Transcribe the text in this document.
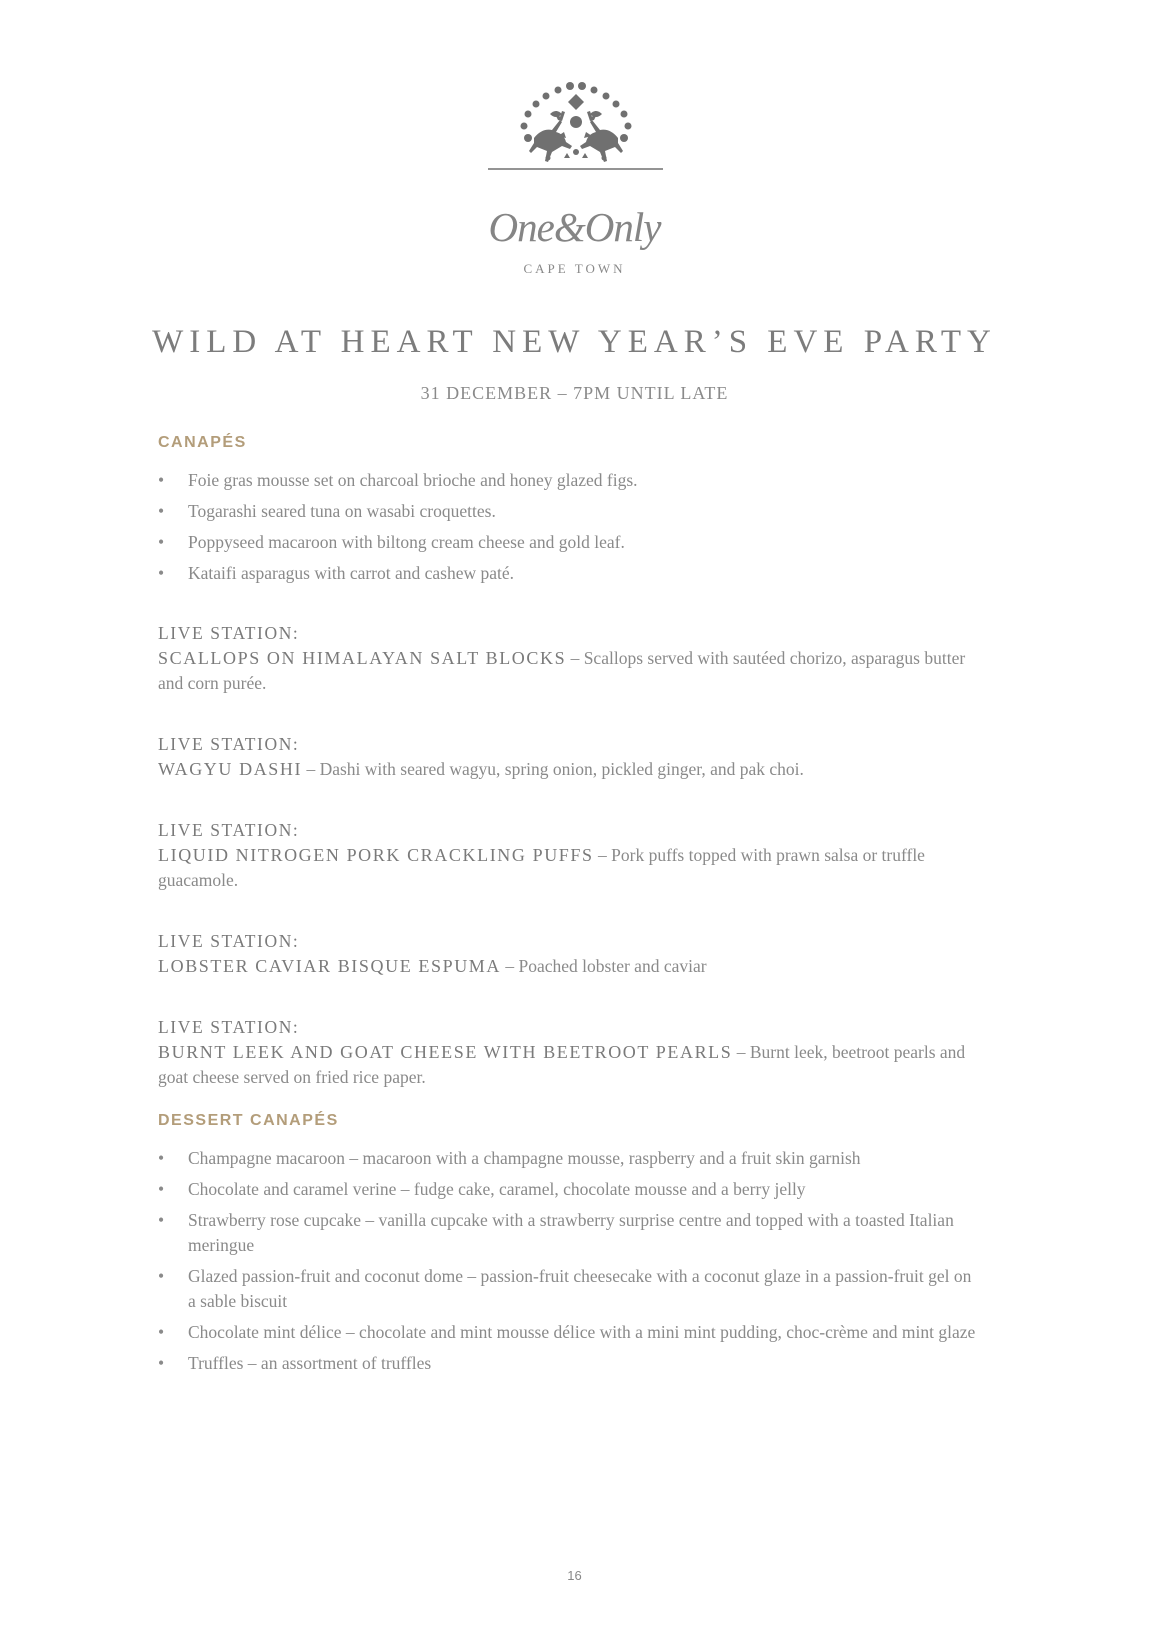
One&Only
CAPE TOWN
WILD AT HEART NEW YEAR’S EVE PARTY
31 DECEMBER – 7PM UNTIL LATE

CANAPÉS

• Foie gras mousse set on charcoal brioche and honey glazed figs.
• Togarashi seared tuna on wasabi croquettes.
• Poppyseed macaroon with biltong cream cheese and gold leaf.
• Kataifi asparagus with carrot and cashew paté.
LIVE STATION:
SCALLOPS ON HIMALAYAN SALT BLOCKS – Scallops served with sautéed chorizo, asparagus butter and corn purée.
LIVE STATION:
WAGYU DASHI – Dashi with seared wagyu, spring onion, pickled ginger, and pak choi.
LIVE STATION:
LIQUID NITROGEN PORK CRACKLING PUFFS – Pork puffs topped with prawn salsa or truffle guacamole.
LIVE STATION:
LOBSTER CAVIAR BISQUE ESPUMA – Poached lobster and caviar
LIVE STATION:
BURNT LEEK AND GOAT CHEESE WITH BEETROOT PEARLS – Burnt leek, beetroot pearls and goat cheese served on fried rice paper.

DESSERT CANAPÉS

• Champagne macaroon – macaroon with a champagne mousse, raspberry and a fruit skin garnish
• Chocolate and caramel verine – fudge cake, caramel, chocolate mousse and a berry jelly
• Strawberry rose cupcake – vanilla cupcake with a strawberry surprise centre and topped with a toasted Italian meringue
• Glazed passion-fruit and coconut dome – passion-fruit cheesecake with a coconut glaze in a passion-fruit gel on a sable biscuit
• Chocolate mint délice – chocolate and mint mousse délice with a mini mint pudding, choc-crème and mint glaze
• Truffles – an assortment of truffles
16
